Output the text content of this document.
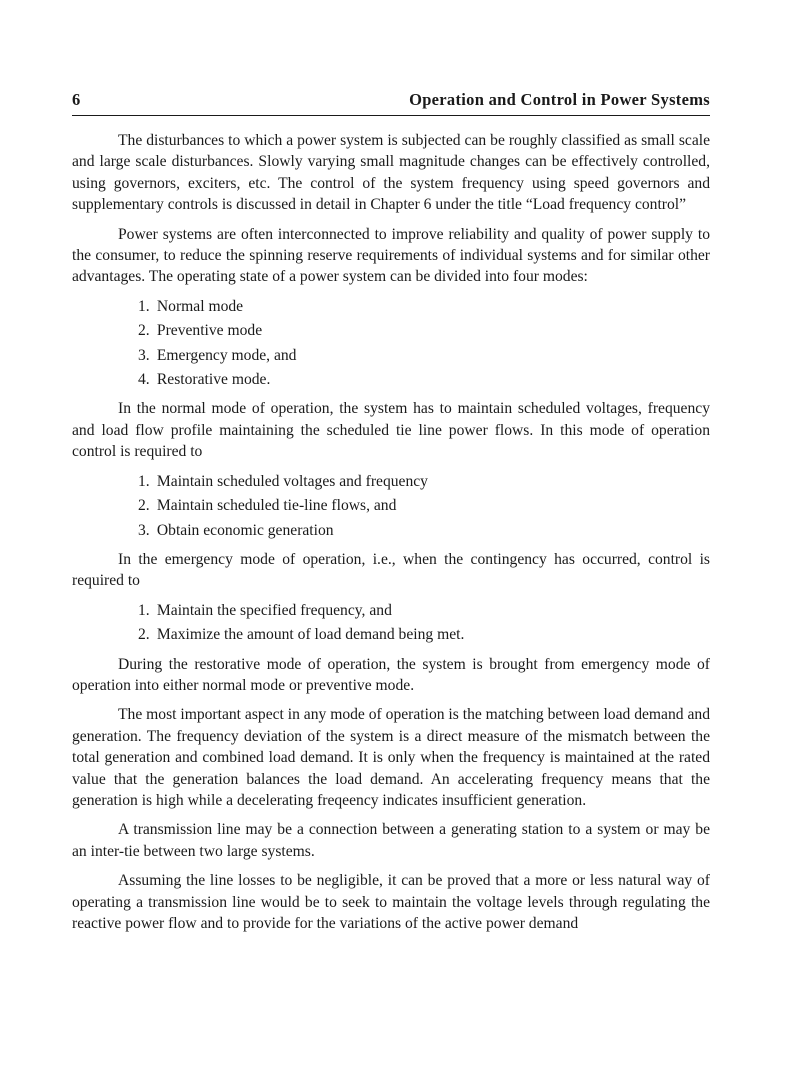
6	Operation and Control in Power Systems

The disturbances to which a power system is subjected can be roughly classified as small scale and large scale disturbances. Slowly varying small magnitude changes can be effectively controlled, using governors, exciters, etc. The control of the system frequency using speed governors and supplementary controls is discussed in detail in Chapter 6 under the title “Load frequency control”

Power systems are often interconnected to improve reliability and quality of power supply to the consumer, to reduce the spinning reserve requirements of individual systems and for similar other advantages. The operating state of a power system can be divided into four modes:

1. Normal mode
2. Preventive mode
3. Emergency mode, and
4. Restorative mode.

In the normal mode of operation, the system has to maintain scheduled voltages, frequency and load flow profile maintaining the scheduled tie line power flows. In this mode of operation control is required to

1. Maintain scheduled voltages and frequency
2. Maintain scheduled tie-line flows, and
3. Obtain economic generation

In the emergency mode of operation, i.e., when the contingency has occurred, control is required to

1. Maintain the specified frequency, and
2. Maximize the amount of load demand being met.

During the restorative mode of operation, the system is brought from emergency mode of operation into either normal mode or preventive mode.

The most important aspect in any mode of operation is the matching between load demand and generation. The frequency deviation of the system is a direct measure of the mismatch between the total generation and combined load demand. It is only when the frequency is maintained at the rated value that the generation balances the load demand. An accelerating frequency means that the generation is high while a decelerating freqeency indicates insufficient generation.

A transmission line may be a connection between a generating station to a system or may be an inter-tie between two large systems.

Assuming the line losses to be negligible, it can be proved that a more or less natural way of operating a transmission line would be to seek to maintain the voltage levels through regulating the reactive power flow and to provide for the variations of the active power demand
